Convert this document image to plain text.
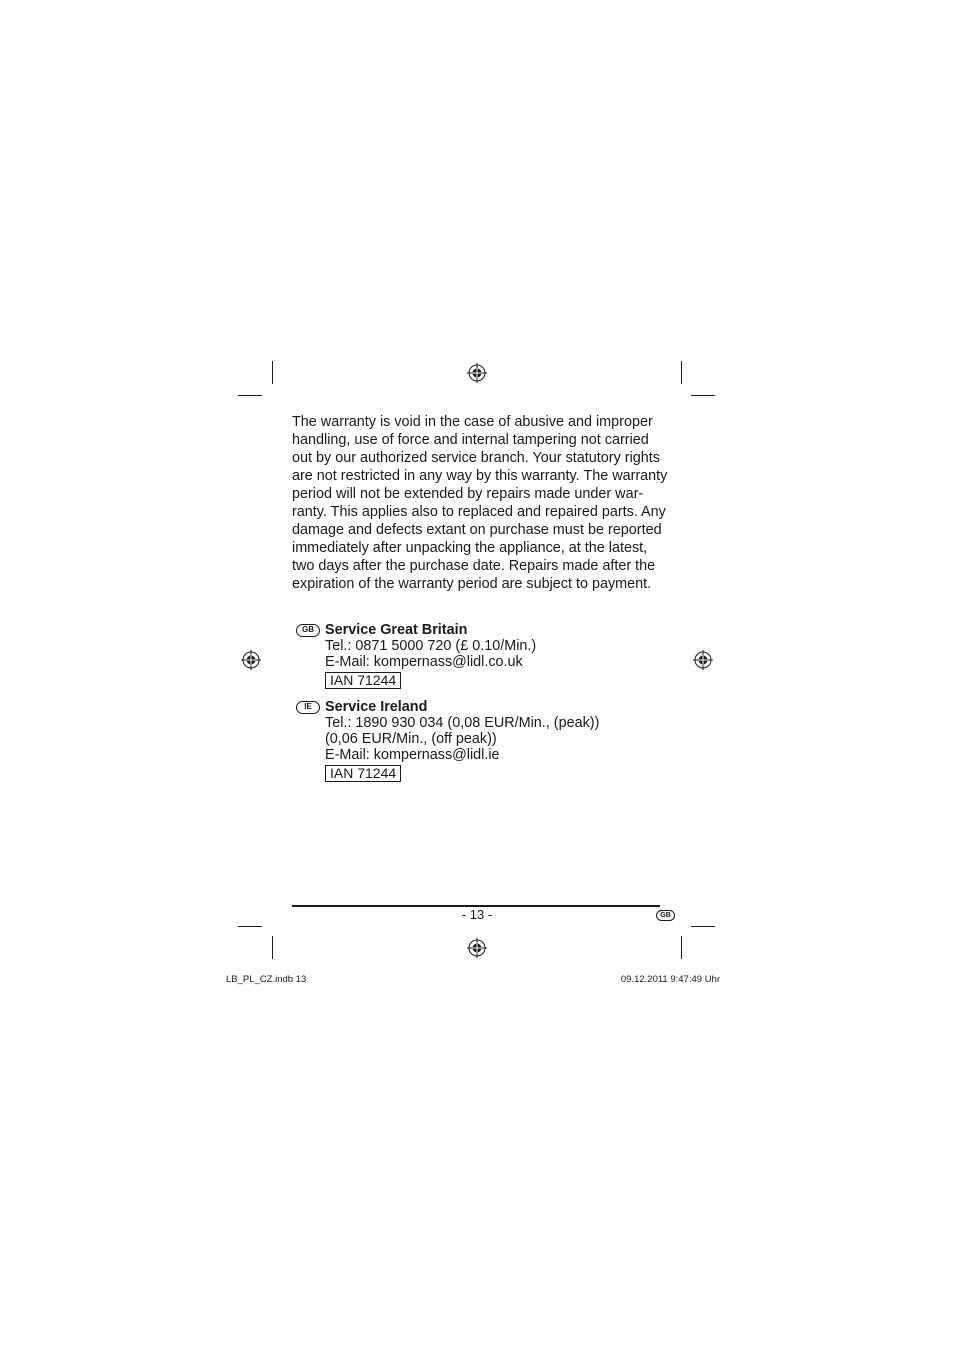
The warranty is void in the case of abusive and improper
handling, use of force and internal tampering not carried
out by our authorized service branch. Your statutory rights
are not restricted in any way by this warranty. The warranty
period will not be extended by repairs made under war-
ranty. This applies also to replaced and repaired parts. Any
damage and defects extant on purchase must be reported
immediately after unpacking the appliance, at the latest,
two days after the purchase date. Repairs made after the
expiration of the warranty period are subject to payment.

GB Service Great Britain
Tel.: 0871 5000 720 (£ 0.10/Min.)
E-Mail: kompernass@lidl.co.uk
IAN 71244
IE Service Ireland
Tel.: 1890 930 034 (0,08 EUR/Min., (peak))
(0,06 EUR/Min., (off peak))
E-Mail: kompernass@lidl.ie
IAN 71244
- 13 -	GB
LB_PL_CZ.indb 13	09.12.2011 9:47:49 Uhr
